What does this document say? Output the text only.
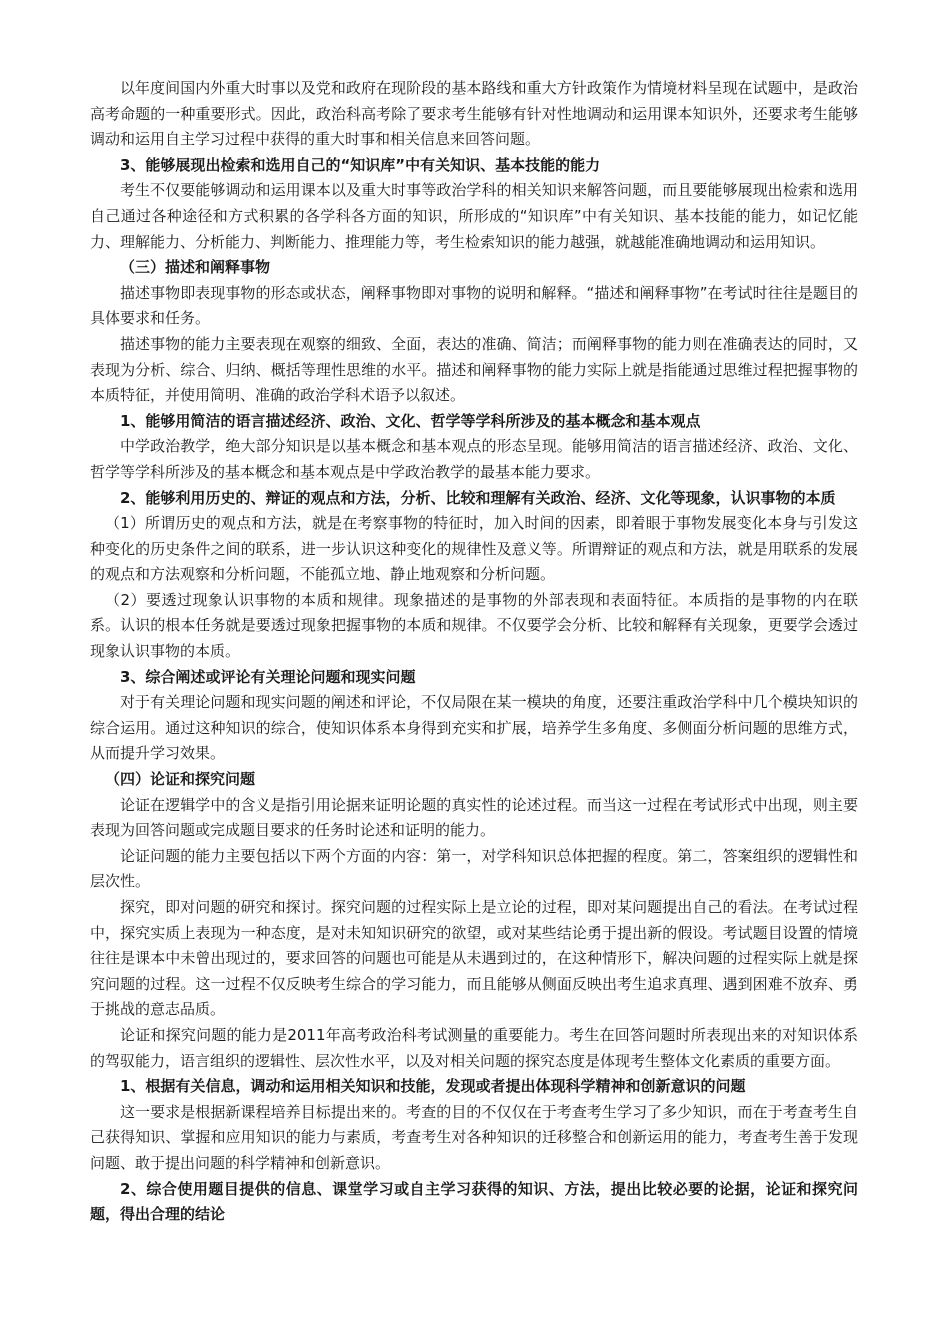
以年度间国内外重大时事以及党和政府在现阶段的基本路线和重大方针政策作为情境材料呈现在试题中，是政治高考命题的一种重要形式。因此，政治科高考除了要求考生能够有针对性地调动和运用课本知识外，还要求考生能够调动和运用自主学习过程中获得的重大时事和相关信息来回答问题。

3、能够展现出检索和选用自己的“知识库”中有关知识、基本技能的能力

考生不仅要能够调动和运用课本以及重大时事等政治学科的相关知识来解答问题，而且要能够展现出检索和选用自己通过各种途径和方式积累的各学科各方面的知识，所形成的“知识库”中有关知识、基本技能的能力，如记忆能力、理解能力、分析能力、判断能力、推理能力等，考生检索知识的能力越强，就越能准确地调动和运用知识。

（三）描述和阐释事物

描述事物即表现事物的形态或状态，阐释事物即对事物的说明和解释。“描述和阐释事物”在考试时往往是题目的具体要求和任务。

描述事物的能力主要表现在观察的细致、全面，表达的准确、简洁；而阐释事物的能力则在准确表达的同时，又表现为分析、综合、归纳、概括等理性思维的水平。描述和阐释事物的能力实际上就是指能通过思维过程把握事物的本质特征，并使用简明、准确的政治学科术语予以叙述。

1、能够用简洁的语言描述经济、政治、文化、哲学等学科所涉及的基本概念和基本观点

中学政治教学，绝大部分知识是以基本概念和基本观点的形态呈现。能够用简洁的语言描述经济、政治、文化、哲学等学科所涉及的基本概念和基本观点是中学政治教学的最基本能力要求。

2、能够利用历史的、辩证的观点和方法，分析、比较和理解有关政治、经济、文化等现象，认识事物的本质

（1）所谓历史的观点和方法，就是在考察事物的特征时，加入时间的因素，即着眼于事物发展变化本身与引发这种变化的历史条件之间的联系，进一步认识这种变化的规律性及意义等。所谓辩证的观点和方法，就是用联系的发展的观点和方法观察和分析问题，不能孤立地、静止地观察和分析问题。

（2）要透过现象认识事物的本质和规律。现象描述的是事物的外部表现和表面特征。本质指的是事物的内在联系。认识的根本任务就是要透过现象把握事物的本质和规律。不仅要学会分析、比较和解释有关现象，更要学会透过现象认识事物的本质。

3、综合阐述或评论有关理论问题和现实问题

对于有关理论问题和现实问题的阐述和评论，不仅局限在某一模块的角度，还要注重政治学科中几个模块知识的综合运用。通过这种知识的综合，使知识体系本身得到充实和扩展，培养学生多角度、多侧面分析问题的思维方式，从而提升学习效果。

（四）论证和探究问题

论证在逻辑学中的含义是指引用论据来证明论题的真实性的论述过程。而当这一过程在考试形式中出现，则主要表现为回答问题或完成题目要求的任务时论述和证明的能力。

论证问题的能力主要包括以下两个方面的内容：第一，对学科知识总体把握的程度。第二，答案组织的逻辑性和层次性。

探究，即对问题的研究和探讨。探究问题的过程实际上是立论的过程，即对某问题提出自己的看法。在考试过程中，探究实质上表现为一种态度，是对未知知识研究的欲望，或对某些结论勇于提出新的假设。考试题目设置的情境往往是课本中未曾出现过的，要求回答的问题也可能是从未遇到过的，在这种情形下，解决问题的过程实际上就是探究问题的过程。这一过程不仅反映考生综合的学习能力，而且能够从侧面反映出考生追求真理、遇到困难不放弃、勇于挑战的意志品质。

论证和探究问题的能力是2011年高考政治科考试测量的重要能力。考生在回答问题时所表现出来的对知识体系的驾驭能力，语言组织的逻辑性、层次性水平，以及对相关问题的探究态度是体现考生整体文化素质的重要方面。

1、根据有关信息，调动和运用相关知识和技能，发现或者提出体现科学精神和创新意识的问题

这一要求是根据新课程培养目标提出来的。考查的目的不仅仅在于考查考生学习了多少知识，而在于考查考生自己获得知识、掌握和应用知识的能力与素质，考查考生对各种知识的迁移整合和创新运用的能力，考查考生善于发现问题、敢于提出问题的科学精神和创新意识。

2、综合使用题目提供的信息、课堂学习或自主学习获得的知识、方法，提出比较必要的论据，论证和探究问题，得出合理的结论
